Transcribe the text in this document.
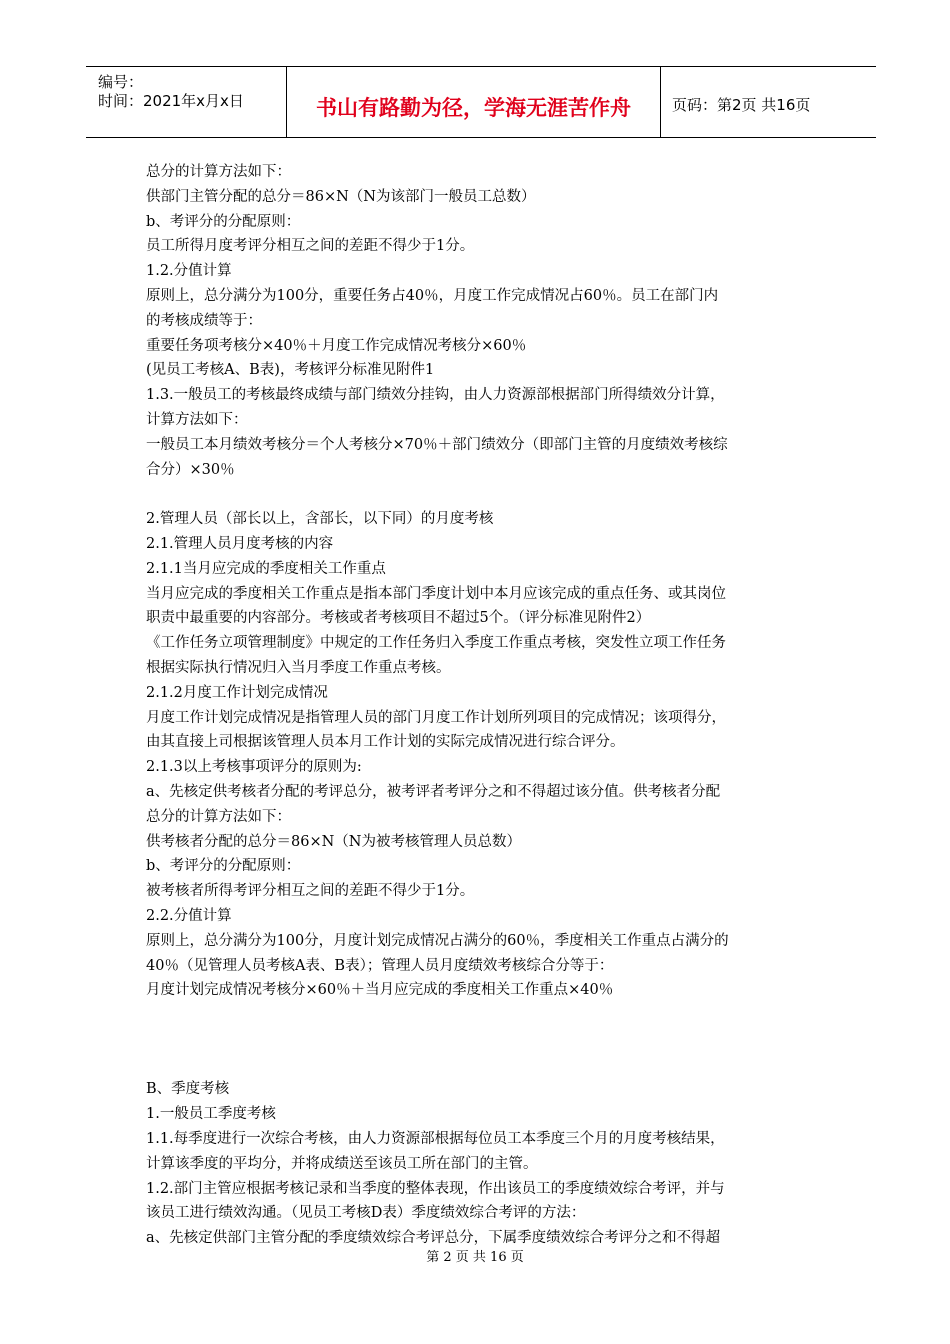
编号：
时间：2021年x月x日	书山有路勤为径，学海无涯苦作舟	页码：第2页 共16页

总分的计算方法如下：

供部门主管分配的总分＝86×N（N为该部门一般员工总数）

b、考评分的分配原则：

员工所得月度考评分相互之间的差距不得少于1分。

1.2.分值计算

原则上，总分满分为100分，重要任务占40％，月度工作完成情况占60％。员工在部门内

的考核成绩等于：

重要任务项考核分×40％＋月度工作完成情况考核分×60％

(见员工考核A、B表)，考核评分标准见附件1

1.3.一般员工的考核最终成绩与部门绩效分挂钩，由人力资源部根据部门所得绩效分计算，

计算方法如下：

一般员工本月绩效考核分＝个人考核分×70％＋部门绩效分（即部门主管的月度绩效考核综

合分）×30％

2.管理人员（部长以上，含部长，以下同）的月度考核

2.1.管理人员月度考核的内容

2.1.1当月应完成的季度相关工作重点

当月应完成的季度相关工作重点是指本部门季度计划中本月应该完成的重点任务、或其岗位

职责中最重要的内容部分。考核或者考核项目不超过5个。（评分标准见附件2）

《工作任务立项管理制度》中规定的工作任务归入季度工作重点考核，突发性立项工作任务

根据实际执行情况归入当月季度工作重点考核。

2.1.2月度工作计划完成情况

月度工作计划完成情况是指管理人员的部门月度工作计划所列项目的完成情况；该项得分，

由其直接上司根据该管理人员本月工作计划的实际完成情况进行综合评分。

2.1.3以上考核事项评分的原则为:

a、先核定供考核者分配的考评总分，被考评者考评分之和不得超过该分值。供考核者分配

总分的计算方法如下：

供考核者分配的总分＝86×N（N为被考核管理人员总数）

b、考评分的分配原则：

被考核者所得考评分相互之间的差距不得少于1分。

2.2.分值计算

原则上，总分满分为100分，月度计划完成情况占满分的60％，季度相关工作重点占满分的

40％（见管理人员考核A表、B表）；管理人员月度绩效考核综合分等于：

月度计划完成情况考核分×60％＋当月应完成的季度相关工作重点×40％

B、季度考核

1.一般员工季度考核

1.1.每季度进行一次综合考核，由人力资源部根据每位员工本季度三个月的月度考核结果，

计算该季度的平均分，并将成绩送至该员工所在部门的主管。

1.2.部门主管应根据考核记录和当季度的整体表现，作出该员工的季度绩效综合考评，并与

该员工进行绩效沟通。（见员工考核D表）季度绩效综合考评的方法：

a、先核定供部门主管分配的季度绩效综合考评总分，下属季度绩效综合考评分之和不得超

第 2 页 共 16 页
